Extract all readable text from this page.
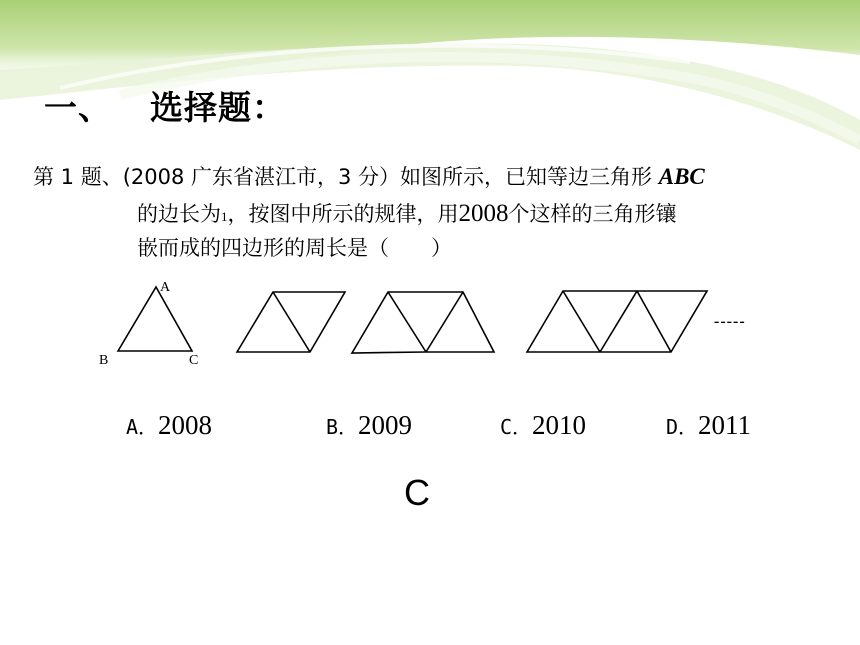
一、 选择题：
第 1 题、(2008 广东省湛江市，3 分）如图所示，已知等边三角形 ABC
的边长为1，按图中所示的规律，用2008个这样的三角形镶
嵌而成的四边形的周长是（　　）
A
B	C
-----
A．2008	B．2009	C．2010	D．2011
C
